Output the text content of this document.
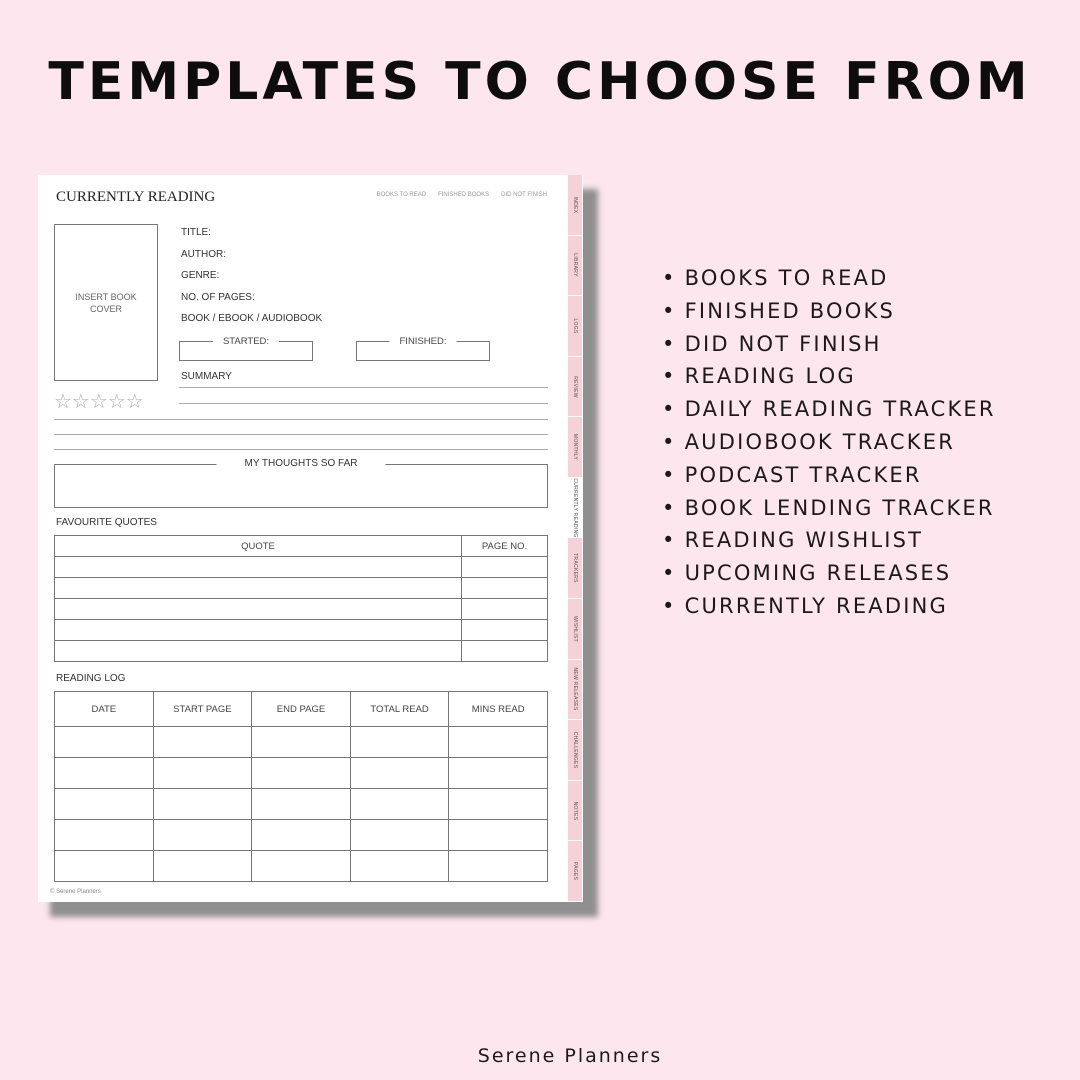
TEMPLATES TO CHOOSE FROM
CURRENTLY READING	BOOKS TO READ FINISHED BOOKS DID NOT FINISH
INSERT BOOK COVER
☆☆☆☆☆
TITLE:
AUTHOR:
GENRE:
NO. OF PAGES:
BOOK / EBOOK / AUDIOBOOK
STARTED:	FINISHED:
SUMMARY
MY THOUGHTS SO FAR
FAVOURITE QUOTES
QUOTE	PAGE NO.

READING LOG
DATE	START PAGE	END PAGE	TOTAL READ	MINS READ

© Serene Planners
INDEX
LIBRARY
LOGS
REVIEW
MONTHLY
CURRENTLY READING
TRACKERS
WISHLIST
NEW RELEASES
CHALLENGES
NOTES
PAGES
• BOOKS TO READ
• FINISHED BOOKS
• DID NOT FINISH
• READING LOG
• DAILY READING TRACKER
• AUDIOBOOK TRACKER
• PODCAST TRACKER
• BOOK LENDING TRACKER
• READING WISHLIST
• UPCOMING RELEASES
• CURRENTLY READING
Serene Planners
